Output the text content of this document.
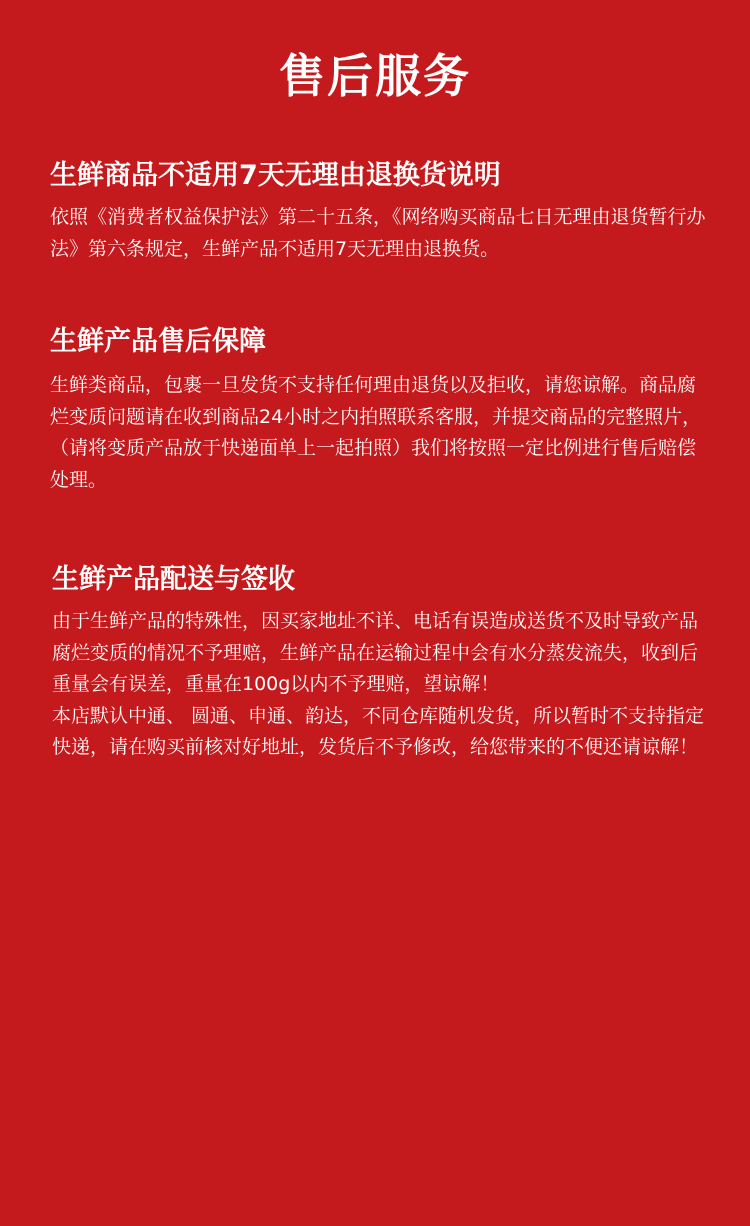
售后服务
生鲜商品不适用7天无理由退换货说明

依照《消费者权益保护法》第二十五条，《网络购买商品七日无理由退货暂行办法》第六条规定，生鲜产品不适用7天无理由退换货。

生鲜产品售后保障

生鲜类商品，包裹一旦发货不支持任何理由退货以及拒收，请您谅解。商品腐烂变质问题请在收到商品24小时之内拍照联系客服，并提交商品的完整照片，（请将变质产品放于快递面单上一起拍照）我们将按照一定比例进行售后赔偿处理。

生鲜产品配送与签收

由于生鲜产品的特殊性，因买家地址不详、电话有误造成送货不及时导致产品腐烂变质的情况不予理赔，生鲜产品在运输过程中会有水分蒸发流失，收到后重量会有误差，重量在100g以内不予理赔，望谅解！

本店默认中通、 圆通、申通、韵达，不同仓库随机发货，所以暂时不支持指定快递，请在购买前核对好地址，发货后不予修改，给您带来的不便还请谅解！
